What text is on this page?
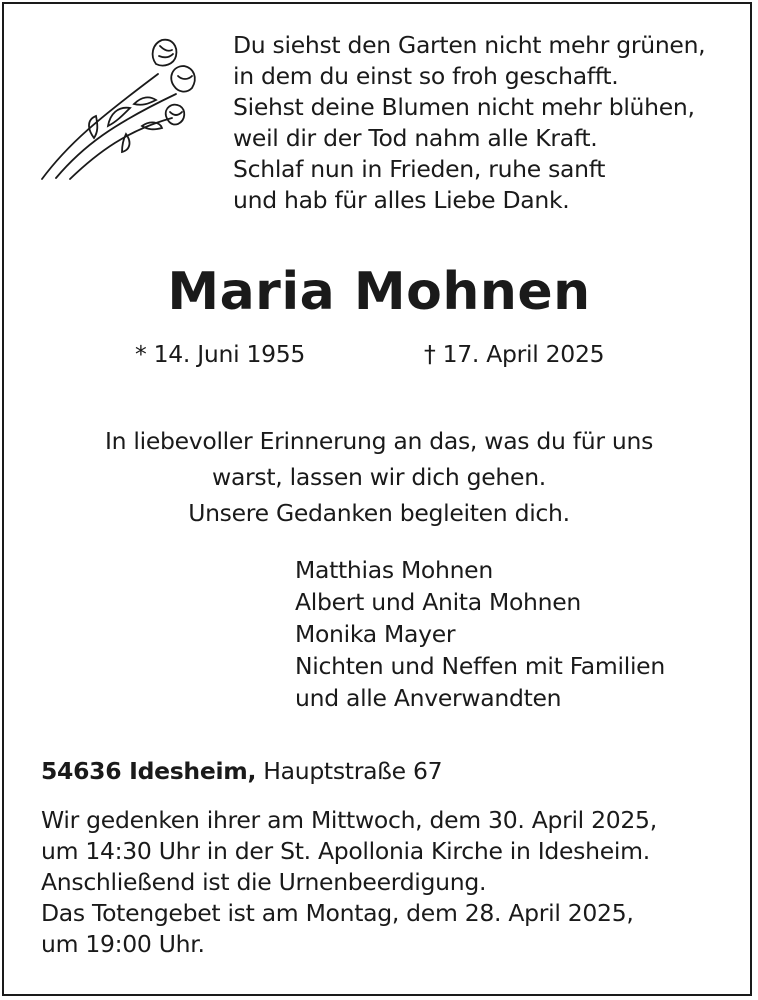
Du siehst den Garten nicht mehr grünen,
in dem du einst so froh geschafft.
Siehst deine Blumen nicht mehr blühen,
weil dir der Tod nahm alle Kraft.
Schlaf nun in Frieden, ruhe sanft
und hab für alles Liebe Dank.
Maria Mohnen
* 14. Juni 1955	† 17. April 2025
In liebevoller Erinnerung an das, was du für uns
warst, lassen wir dich gehen.
Unsere Gedanken begleiten dich.
Matthias Mohnen
Albert und Anita Mohnen
Monika Mayer
Nichten und Neffen mit Familien
und alle Anverwandten
54636 Idesheim, Hauptstraße 67
Wir gedenken ihrer am Mittwoch, dem 30. April 2025,
um 14:30 Uhr in der St. Apollonia Kirche in Idesheim.
Anschließend ist die Urnenbeerdigung.
Das Totengebet ist am Montag, dem 28. April 2025,
um 19:00 Uhr.
